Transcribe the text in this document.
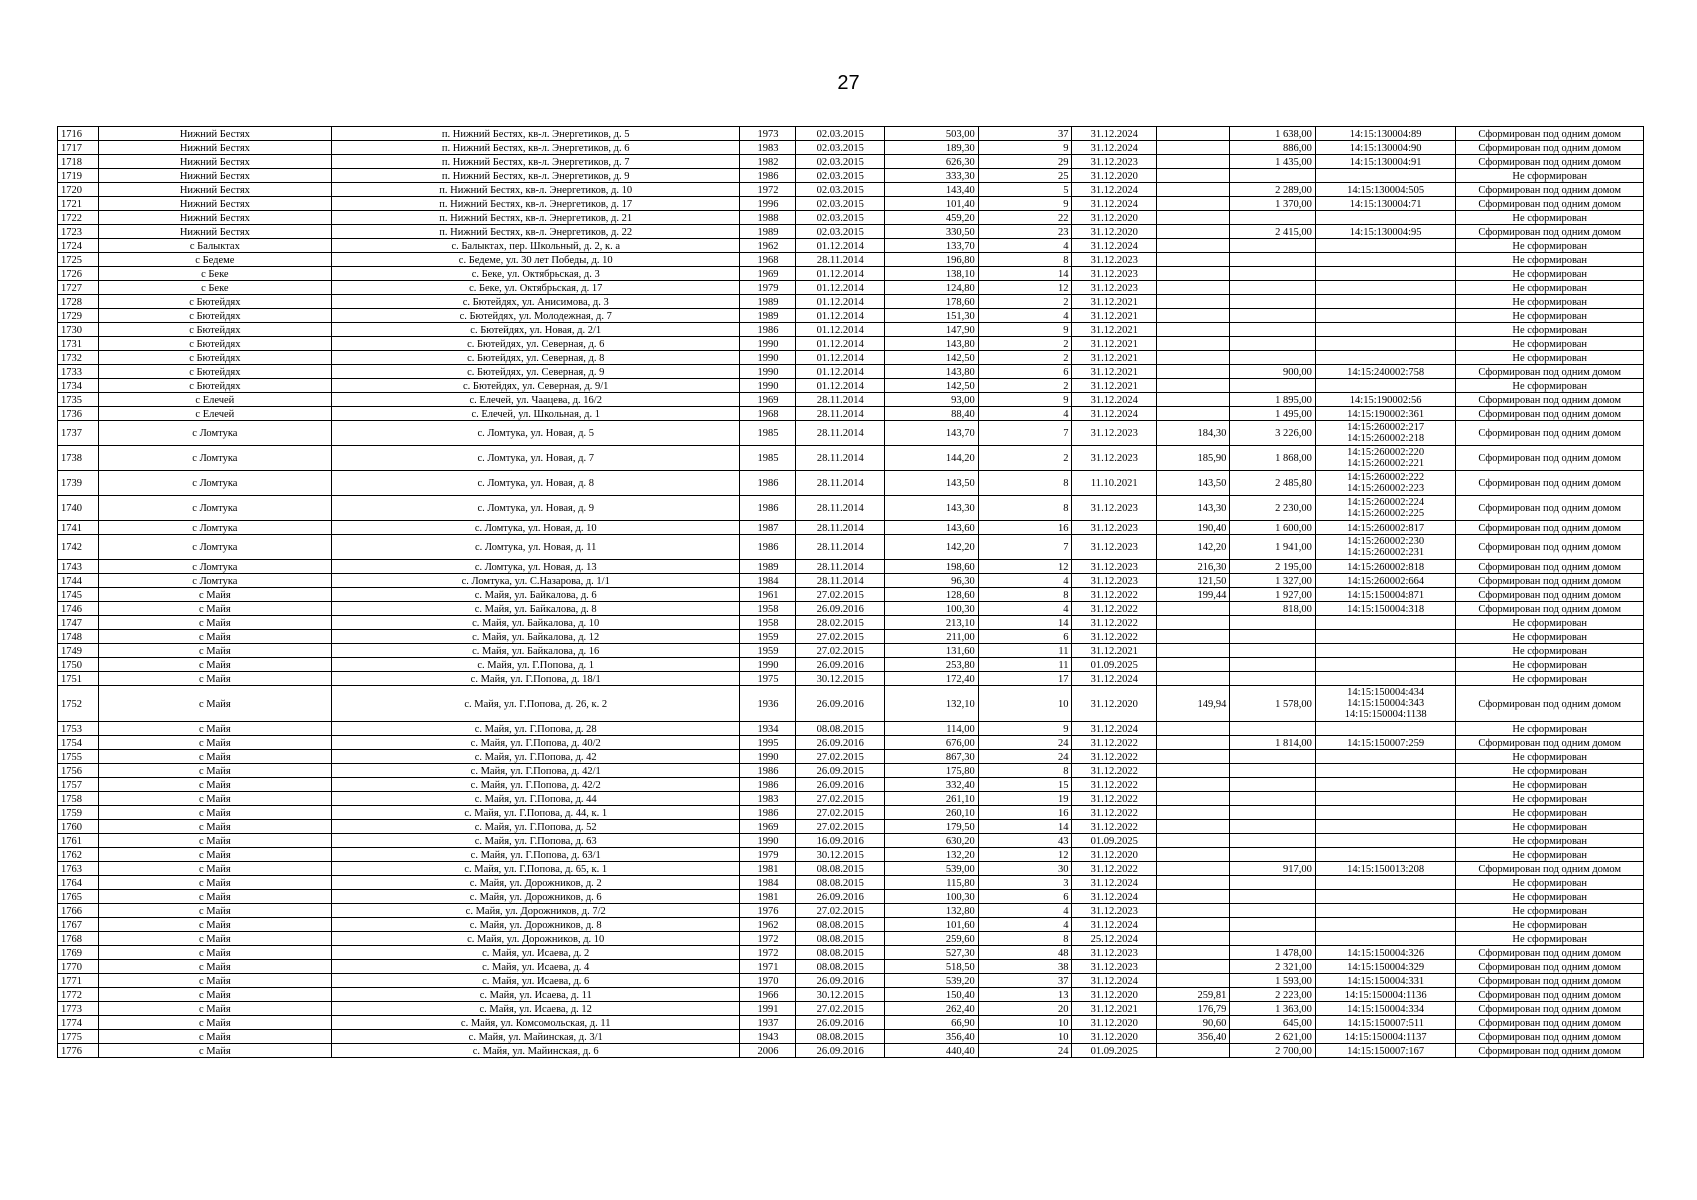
27
1716	Нижний Бестях	п. Нижний Бестях, кв-л. Энергетиков, д. 5	1973	02.03.2015	503,00	37	31.12.2024		1 638,00	14:15:130004:89	Сформирован под одним домом
1717	Нижний Бестях	п. Нижний Бестях, кв-л. Энергетиков, д. 6	1983	02.03.2015	189,30	9	31.12.2024		886,00	14:15:130004:90	Сформирован под одним домом
1718	Нижний Бестях	п. Нижний Бестях, кв-л. Энергетиков, д. 7	1982	02.03.2015	626,30	29	31.12.2023		1 435,00	14:15:130004:91	Сформирован под одним домом
1719	Нижний Бестях	п. Нижний Бестях, кв-л. Энергетиков, д. 9	1986	02.03.2015	333,30	25	31.12.2020				Не сформирован
1720	Нижний Бестях	п. Нижний Бестях, кв-л. Энергетиков, д. 10	1972	02.03.2015	143,40	5	31.12.2024		2 289,00	14:15:130004:505	Сформирован под одним домом
1721	Нижний Бестях	п. Нижний Бестях, кв-л. Энергетиков, д. 17	1996	02.03.2015	101,40	9	31.12.2024		1 370,00	14:15:130004:71	Сформирован под одним домом
1722	Нижний Бестях	п. Нижний Бестях, кв-л. Энергетиков, д. 21	1988	02.03.2015	459,20	22	31.12.2020				Не сформирован
1723	Нижний Бестях	п. Нижний Бестях, кв-л. Энергетиков, д. 22	1989	02.03.2015	330,50	23	31.12.2020		2 415,00	14:15:130004:95	Сформирован под одним домом
1724	с Балыктах	с. Балыктах, пер. Школьный, д. 2, к. а	1962	01.12.2014	133,70	4	31.12.2024				Не сформирован
1725	с Бедеме	с. Бедеме, ул. 30 лет Победы, д. 10	1968	28.11.2014	196,80	8	31.12.2023				Не сформирован
1726	с Беке	с. Беке, ул. Октябрьская, д. 3	1969	01.12.2014	138,10	14	31.12.2023				Не сформирован
1727	с Беке	с. Беке, ул. Октябрьская, д. 17	1979	01.12.2014	124,80	12	31.12.2023				Не сформирован
1728	с Бютейдях	с. Бютейдях, ул. Анисимова, д. 3	1989	01.12.2014	178,60	2	31.12.2021				Не сформирован
1729	с Бютейдях	с. Бютейдях, ул. Молодежная, д. 7	1989	01.12.2014	151,30	4	31.12.2021				Не сформирован
1730	с Бютейдях	с. Бютейдях, ул. Новая, д. 2/1	1986	01.12.2014	147,90	9	31.12.2021				Не сформирован
1731	с Бютейдях	с. Бютейдях, ул. Северная, д. 6	1990	01.12.2014	143,80	2	31.12.2021				Не сформирован
1732	с Бютейдях	с. Бютейдях, ул. Северная, д. 8	1990	01.12.2014	142,50	2	31.12.2021				Не сформирован
1733	с Бютейдях	с. Бютейдях, ул. Северная, д. 9	1990	01.12.2014	143,80	6	31.12.2021		900,00	14:15:240002:758	Сформирован под одним домом
1734	с Бютейдях	с. Бютейдях, ул. Северная, д. 9/1	1990	01.12.2014	142,50	2	31.12.2021				Не сформирован
1735	с Елечей	с. Елечей, ул. Чаацева, д. 16/2	1969	28.11.2014	93,00	9	31.12.2024		1 895,00	14:15:190002:56	Сформирован под одним домом
1736	с Елечей	с. Елечей, ул. Школьная, д. 1	1968	28.11.2014	88,40	4	31.12.2024		1 495,00	14:15:190002:361	Сформирован под одним домом
1737	с Ломтука	с. Ломтука, ул. Новая, д. 5	1985	28.11.2014	143,70	7	31.12.2023	184,30	3 226,00	14:15:260002:217
14:15:260002:218	Сформирован под одним домом
1738	с Ломтука	с. Ломтука, ул. Новая, д. 7	1985	28.11.2014	144,20	2	31.12.2023	185,90	1 868,00	14:15:260002:220
14:15:260002:221	Сформирован под одним домом
1739	с Ломтука	с. Ломтука, ул. Новая, д. 8	1986	28.11.2014	143,50	8	11.10.2021	143,50	2 485,80	14:15:260002:222
14:15:260002:223	Сформирован под одним домом
1740	с Ломтука	с. Ломтука, ул. Новая, д. 9	1986	28.11.2014	143,30	8	31.12.2023	143,30	2 230,00	14:15:260002:224
14:15:260002:225	Сформирован под одним домом
1741	с Ломтука	с. Ломтука, ул. Новая, д. 10	1987	28.11.2014	143,60	16	31.12.2023	190,40	1 600,00	14:15:260002:817	Сформирован под одним домом
1742	с Ломтука	с. Ломтука, ул. Новая, д. 11	1986	28.11.2014	142,20	7	31.12.2023	142,20	1 941,00	14:15:260002:230
14:15:260002:231	Сформирован под одним домом
1743	с Ломтука	с. Ломтука, ул. Новая, д. 13	1989	28.11.2014	198,60	12	31.12.2023	216,30	2 195,00	14:15:260002:818	Сформирован под одним домом
1744	с Ломтука	с. Ломтука, ул. С.Назарова, д. 1/1	1984	28.11.2014	96,30	4	31.12.2023	121,50	1 327,00	14:15:260002:664	Сформирован под одним домом
1745	с Майя	с. Майя, ул. Байкалова, д. 6	1961	27.02.2015	128,60	8	31.12.2022	199,44	1 927,00	14:15:150004:871	Сформирован под одним домом
1746	с Майя	с. Майя, ул. Байкалова, д. 8	1958	26.09.2016	100,30	4	31.12.2022		818,00	14:15:150004:318	Сформирован под одним домом
1747	с Майя	с. Майя, ул. Байкалова, д. 10	1958	28.02.2015	213,10	14	31.12.2022				Не сформирован
1748	с Майя	с. Майя, ул. Байкалова, д. 12	1959	27.02.2015	211,00	6	31.12.2022				Не сформирован
1749	с Майя	с. Майя, ул. Байкалова, д. 16	1959	27.02.2015	131,60	11	31.12.2021				Не сформирован
1750	с Майя	с. Майя, ул. Г.Попова, д. 1	1990	26.09.2016	253,80	11	01.09.2025				Не сформирован
1751	с Майя	с. Майя, ул. Г.Попова, д. 18/1	1975	30.12.2015	172,40	17	31.12.2024				Не сформирован
1752	с Майя	с. Майя, ул. Г.Попова, д. 26, к. 2	1936	26.09.2016	132,10	10	31.12.2020	149,94	1 578,00	14:15:150004:434
14:15:150004:343
14:15:150004:1138	Сформирован под одним домом
1753	с Майя	с. Майя, ул. Г.Попова, д. 28	1934	08.08.2015	114,00	9	31.12.2024				Не сформирован
1754	с Майя	с. Майя, ул. Г.Попова, д. 40/2	1995	26.09.2016	676,00	24	31.12.2022		1 814,00	14:15:150007:259	Сформирован под одним домом
1755	с Майя	с. Майя, ул. Г.Попова, д. 42	1990	27.02.2015	867,30	24	31.12.2022				Не сформирован
1756	с Майя	с. Майя, ул. Г.Попова, д. 42/1	1986	26.09.2015	175,80	8	31.12.2022				Не сформирован
1757	с Майя	с. Майя, ул. Г.Попова, д. 42/2	1986	26.09.2016	332,40	15	31.12.2022				Не сформирован
1758	с Майя	с. Майя, ул. Г.Попова, д. 44	1983	27.02.2015	261,10	19	31.12.2022				Не сформирован
1759	с Майя	с. Майя, ул. Г.Попова, д. 44, к. 1	1986	27.02.2015	260,10	16	31.12.2022				Не сформирован
1760	с Майя	с. Майя, ул. Г.Попова, д. 52	1969	27.02.2015	179,50	14	31.12.2022				Не сформирован
1761	с Майя	с. Майя, ул. Г.Попова, д. 63	1990	16.09.2016	630,20	43	01.09.2025				Не сформирован
1762	с Майя	с. Майя, ул. Г.Попова, д. 63/1	1979	30.12.2015	132,20	12	31.12.2020				Не сформирован
1763	с Майя	с. Майя, ул. Г.Попова, д. 65, к. 1	1981	08.08.2015	539,00	30	31.12.2022		917,00	14:15:150013:208	Сформирован под одним домом
1764	с Майя	с. Майя, ул. Дорожников, д. 2	1984	08.08.2015	115,80	3	31.12.2024				Не сформирован
1765	с Майя	с. Майя, ул. Дорожников, д. 6	1981	26.09.2016	100,30	6	31.12.2024				Не сформирован
1766	с Майя	с. Майя, ул. Дорожников, д. 7/2	1976	27.02.2015	132,80	4	31.12.2023				Не сформирован
1767	с Майя	с. Майя, ул. Дорожников, д. 8	1962	08.08.2015	101,60	4	31.12.2024				Не сформирован
1768	с Майя	с. Майя, ул. Дорожников, д. 10	1972	08.08.2015	259,60	8	25.12.2024				Не сформирован
1769	с Майя	с. Майя, ул. Исаева, д. 2	1972	08.08.2015	527,30	48	31.12.2023		1 478,00	14:15:150004:326	Сформирован под одним домом
1770	с Майя	с. Майя, ул. Исаева, д. 4	1971	08.08.2015	518,50	38	31.12.2023		2 321,00	14:15:150004:329	Сформирован под одним домом
1771	с Майя	с. Майя, ул. Исаева, д. 6	1970	26.09.2016	539,20	37	31.12.2024		1 593,00	14:15:150004:331	Сформирован под одним домом
1772	с Майя	с. Майя, ул. Исаева, д. 11	1966	30.12.2015	150,40	13	31.12.2020	259,81	2 223,00	14:15:150004:1136	Сформирован под одним домом
1773	с Майя	с. Майя, ул. Исаева, д. 12	1991	27.02.2015	262,40	20	31.12.2021	176,79	1 363,00	14:15:150004:334	Сформирован под одним домом
1774	с Майя	с. Майя, ул. Комсомольская, д. 11	1937	26.09.2016	66,90	10	31.12.2020	90,60	645,00	14:15:150007:511	Сформирован под одним домом
1775	с Майя	с. Майя, ул. Майинская, д. 3/1	1943	08.08.2015	356,40	10	31.12.2020	356,40	2 621,00	14:15:150004:1137	Сформирован под одним домом
1776	с Майя	с. Майя, ул. Майинская, д. 6	2006	26.09.2016	440,40	24	01.09.2025		2 700,00	14:15:150007:167	Сформирован под одним домом
